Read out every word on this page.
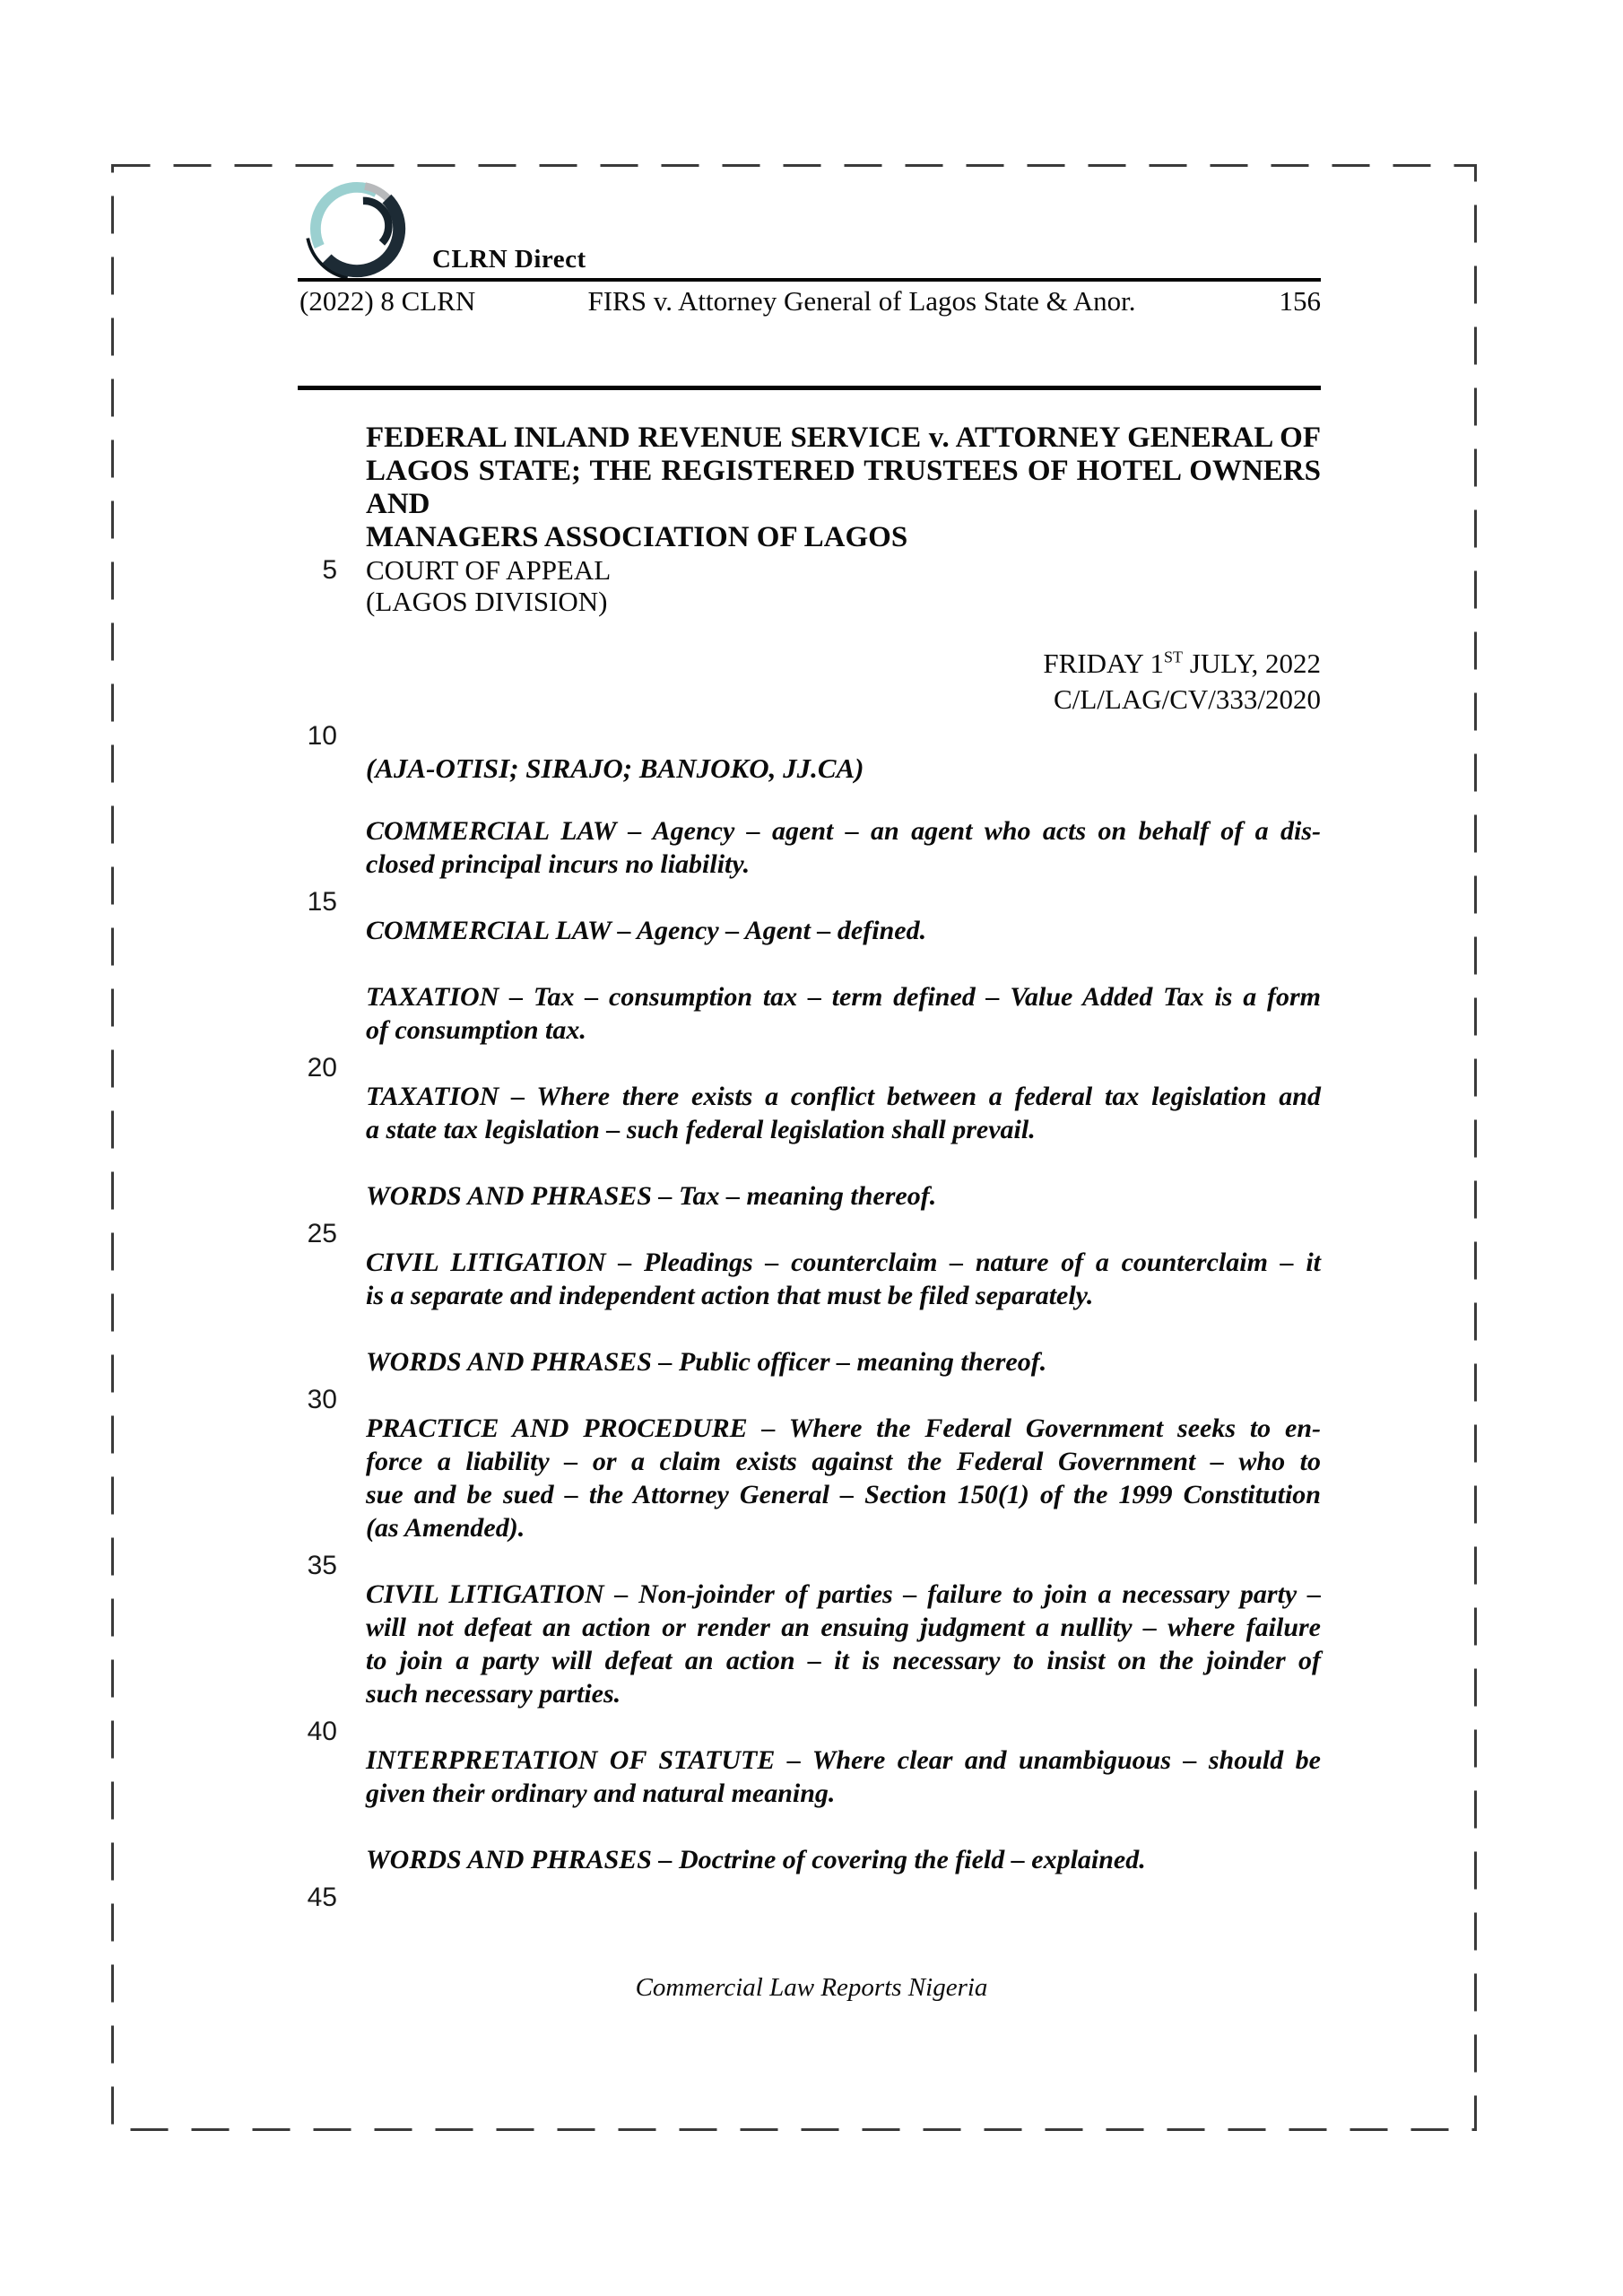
CLRN Direct
(2022) 8 CLRN	FIRS v. Attorney General of Lagos State & Anor.	156
FEDERAL INLAND REVENUE SERVICE v. ATTORNEY GENERAL OF
LAGOS STATE; THE REGISTERED TRUSTEES OF HOTEL OWNERS AND
MANAGERS ASSOCIATION OF LAGOS
COURT OF APPEAL
(LAGOS DIVISION)
FRIDAY 1ST JULY, 2022
C/L/LAG/CV/333/2020
(AJA-OTISI; SIRAJO; BANJOKO, JJ.CA)
5
10
15
20
25
30
35
40
45
COMMERCIAL LAW – Agency – agent – an agent who acts on behalf of a dis-
closed principal incurs no liability.
COMMERCIAL LAW – Agency – Agent – defined.
TAXATION – Tax – consumption tax – term defined – Value Added Tax is a form
of consumption tax.
TAXATION – Where there exists a conflict between a federal tax legislation and
a state tax legislation – such federal legislation shall prevail.
WORDS AND PHRASES – Tax – meaning thereof.
CIVIL LITIGATION – Pleadings – counterclaim – nature of a counterclaim – it
is a separate and independent action that must be filed separately.
WORDS AND PHRASES – Public officer – meaning thereof.
PRACTICE AND PROCEDURE – Where the Federal Government seeks to en-
force a liability – or a claim exists against the Federal Government – who to
sue and be sued – the Attorney General – Section 150(1) of the 1999 Constitution
(as Amended).
CIVIL LITIGATION – Non-joinder of parties – failure to join a necessary party –
will not defeat an action or render an ensuing judgment a nullity – where failure
to join a party will defeat an action – it is necessary to insist on the joinder of
such necessary parties.
INTERPRETATION OF STATUTE – Where clear and unambiguous – should be
given their ordinary and natural meaning.
WORDS AND PHRASES – Doctrine of covering the field – explained.
Commercial Law Reports Nigeria
